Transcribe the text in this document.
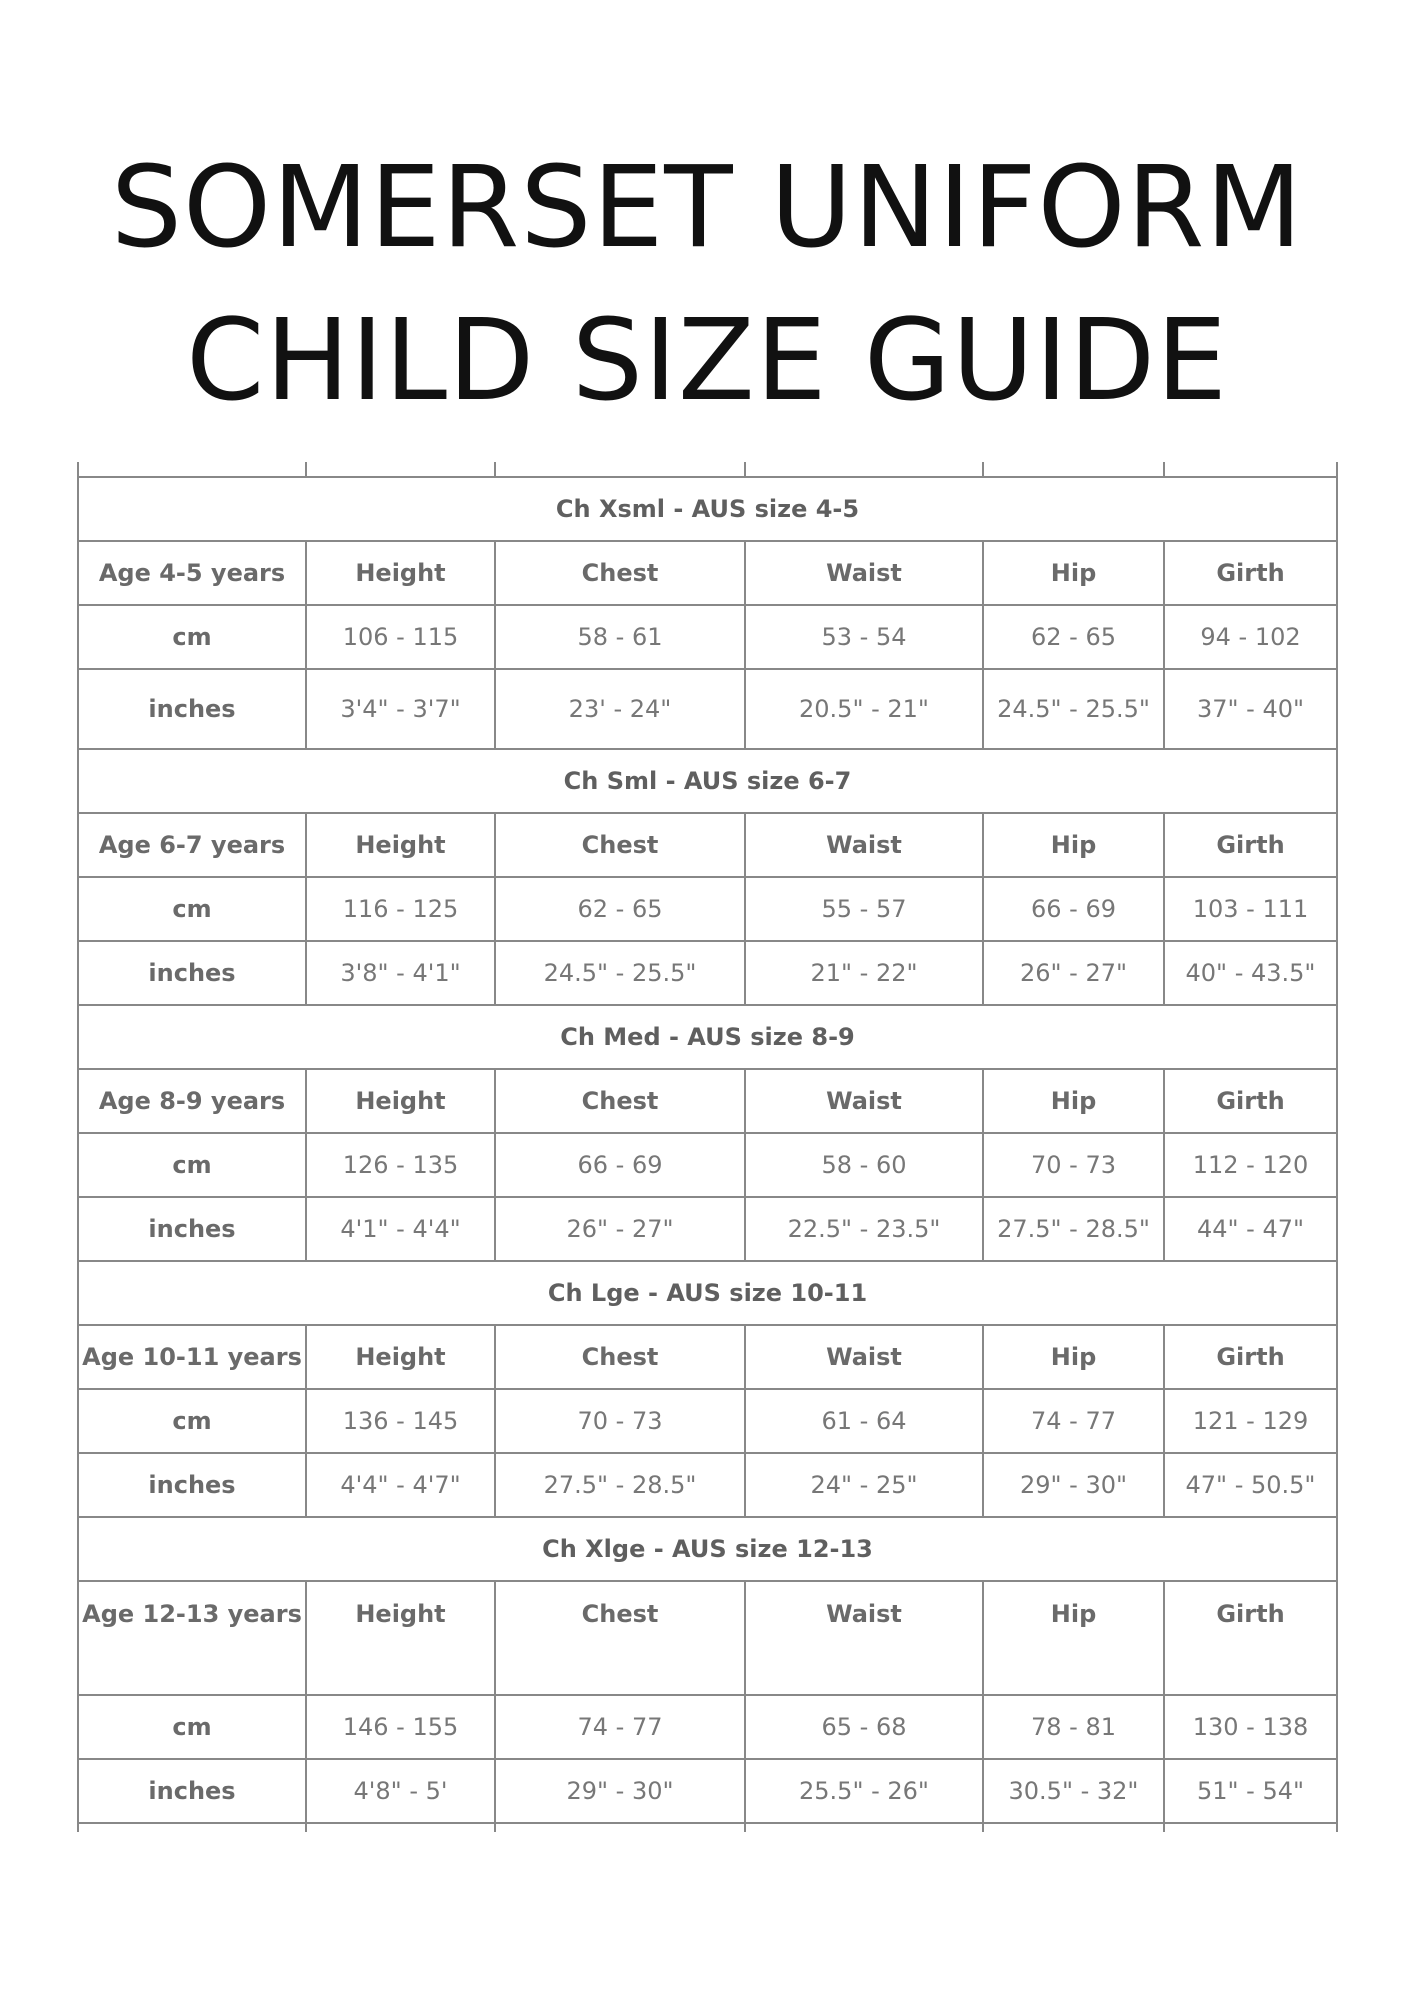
SOMERSET UNIFORM
CHILD SIZE GUIDE

Ch Xsml - AUS size 4-5					
Age 4-5 years	Height	Chest	Waist	Hip	Girth
cm	106 - 115	58 - 61	53 - 54	62 - 65	94 - 102
inches	3'4" - 3'7"	23' - 24"	20.5" - 21"	24.5" - 25.5"	37" - 40"
Ch Sml - AUS size 6-7					
Age 6-7 years	Height	Chest	Waist	Hip	Girth
cm	116 - 125	62 - 65	55 - 57	66 - 69	103 - 111
inches	3'8" - 4'1"	24.5" - 25.5"	21" - 22"	26" - 27"	40" - 43.5"
Ch Med - AUS size 8-9					
Age 8-9 years	Height	Chest	Waist	Hip	Girth
cm	126 - 135	66 - 69	58 - 60	70 - 73	112 - 120
inches	4'1" - 4'4"	26" - 27"	22.5" - 23.5"	27.5" - 28.5"	44" - 47"
Ch Lge - AUS size 10-11					
Age 10-11 years	Height	Chest	Waist	Hip	Girth
cm	136 - 145	70 - 73	61 - 64	74 - 77	121 - 129
inches	4'4" - 4'7"	27.5" - 28.5"	24" - 25"	29" - 30"	47" - 50.5"
Ch Xlge - AUS size 12-13					
Age 12-13 years	Height	Chest	Waist	Hip	Girth
cm	146 - 155	74 - 77	65 - 68	78 - 81	130 - 138
inches	4'8" - 5'	29" - 30"	25.5" - 26"	30.5" - 32"	51" - 54"
